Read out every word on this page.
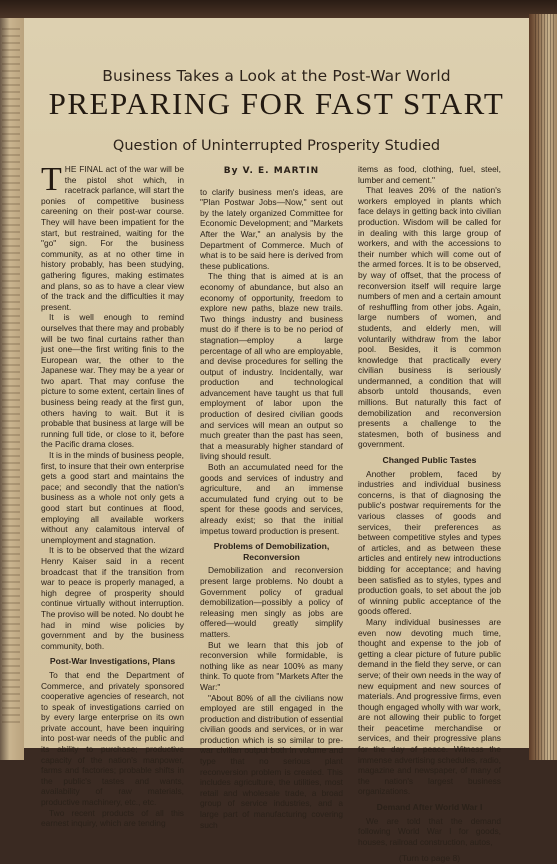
Business Takes a Look at the Post-War World
PREPARING FOR FAST START
Question of Uninterrupted Prosperity Studied

THE FINAL act of the war will be the pistol shot which, in racetrack parlance, will start the ponies of competitive business careening on their post-war course. They will have been impatient for the start, but restrained, waiting for the "go" sign. For the business community, as at no other time in history probably, has been studying, gathering figures, making estimates and plans, so as to have a clear view of the track and the difficulties it may present.

It is well enough to remind ourselves that there may and probably will be two final curtains rather than just one—the first writing finis to the European war, the other to the Japanese war. They may be a year or two apart. That may confuse the picture to some extent, certain lines of business being ready at the first gun, others having to wait. But it is probable that business at large will be running full tide, or close to it, before the Pacific drama closes.

It is in the minds of business people, first, to insure that their own enterprise gets a good start and maintains the pace; and secondly that the nation's business as a whole not only gets a good start but continues at flood, employing all available workers without any calamitous interval of unemployment and stagnation.

It is to be observed that the wizard Henry Kaiser said in a recent broadcast that if the transition from war to peace is properly managed, a high degree of prosperity should continue virtually without interruption. The proviso will be noted. No doubt he had in mind wise policies by government and by the business community, both.

Post-War Investigations, Plans

To that end the Department of Commerce, and privately sponsored cooperative agencies of research, not to speak of investigations carried on by every large enterprise on its own private account, have been inquiring into post-war needs of the public and its ability to purchase; productive capacity of the nation's manpower, farms and factories; probable shifts in the public's tastes and wants, availability of raw materials, productive machinery, etc., etc.

Two recent products of all this earnest inquiry, which are tending

By V. E. MARTIN

to clarify business men's ideas, are "Plan Postwar Jobs—Now," sent out by the lately organized Committee for Economic Development; and "Markets After the War," an analysis by the Department of Commerce. Much of what is to be said here is derived from these publications.

The thing that is aimed at is an economy of abundance, but also an economy of opportunity, freedom to explore new paths, blaze new trails. Two things industry and business must do if there is to be no period of stagnation—employ a large percentage of all who are employable, and devise procedures for selling the output of industry. Incidentally, war production and technological advancement have taught us that full employment of labor upon the production of desired civilian goods and services will mean an output so much greater than the past has seen, that a measurably higher standard of living should result.

Both an accumulated need for the goods and services of industry and agriculture, and an immense accumulated fund crying out to be spent for these goods and services, already exist; so that the initial impetus toward production is present.

Problems of Demobilization, Reconversion

Demobilization and reconversion present large problems. No doubt a Government policy of gradual demobilization—possibly a policy of releasing men singly as jobs are offered—would greatly simplify matters.

But we learn that this job of reconversion while formidable, is nothing like as near 100% as many think. To quote from "Markets After the War:"

"About 80% of all the civilians now employed are still engaged in the production and distribution of essential civilian goods and services, or in war production which is so similar to pre-war civilian output both in volume and type that no serious plant reconversion problem is created. This includes agriculture, the utilities, most retail and wholesale trade, a broad group of service industries, and a large part of manufacturing covering such

items as food, clothing, fuel, steel, lumber and cement."

That leaves 20% of the nation's workers employed in plants which face delays in getting back into civilian production. Wisdom will be called for in dealing with this large group of workers, and with the accessions to their number which will come out of the armed forces. It is to be observed, by way of offset, that the process of reconversion itself will require large numbers of men and a certain amount of reshuffling from other jobs. Again, large numbers of women, and students, and elderly men, will voluntarily withdraw from the labor pool. Besides, it is common knowledge that practically every civilian business is seriously undermanned, a condition that will absorb untold thousands, even millions. But naturally this fact of demobilization and reconversion presents a challenge to the statesmen, both of business and government.

Changed Public Tastes

Another problem, faced by industries and individual business concerns, is that of diagnosing the public's postwar requirements for the various classes of goods and services, their preferences as between competitive styles and types of articles, and as between these articles and entirely new introductions bidding for acceptance; and having been satisfied as to styles, types and production goals, to set about the job of winning public acceptance of the goods offered.

Many individual businesses are even now devoting much time, thought and expense to the job of getting a clear picture of future public demand in the field they serve, or can serve; of their own needs in the way of new equipment and new sources of materials. And progressive firms, even though engaged wholly with war work, are not allowing their public to forget their peacetime merchandise or services, and their progressive plans for the day of peace. Witness the immense advertising schedules, radio, magazine and newspaper, of many of the nation's largest business organizations.

Demand After World War I

We are told that the demand following World War I for goods, houses, railroad construction, autos,

(Turn to page 8)
